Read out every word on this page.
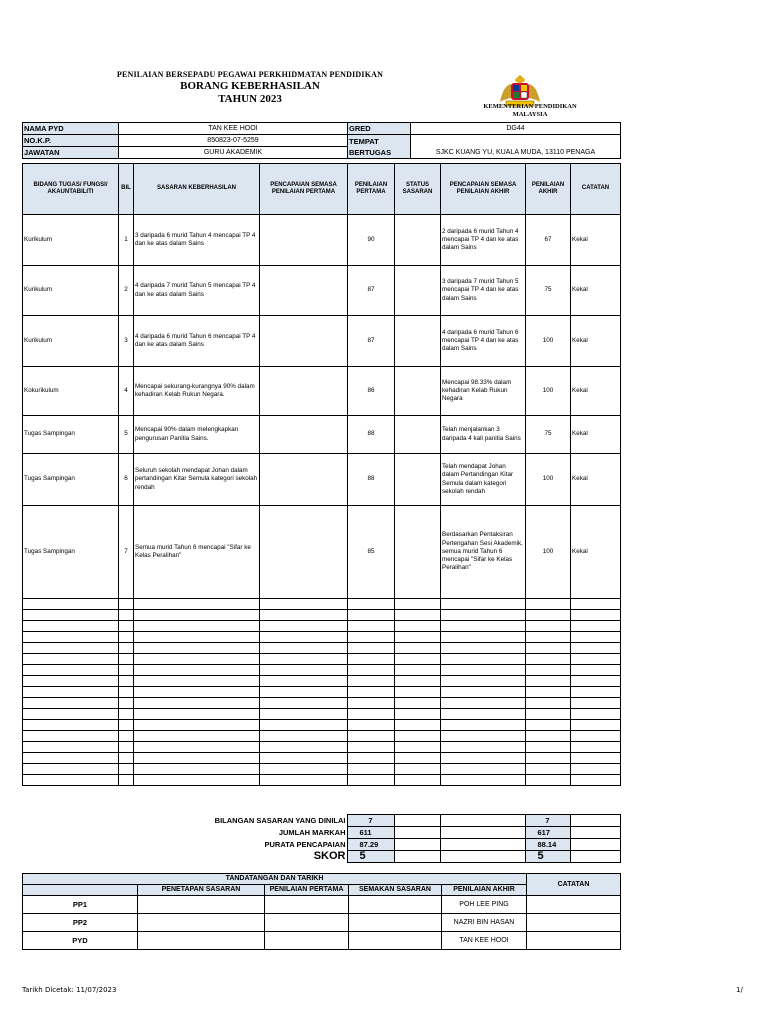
PENILAIAN BERSEPADU PEGAWAI PERKHIDMATAN PENDIDIKAN
BORANG KEBERHASILAN
TAHUN 2023
KEMENTERIAN PENDIDIKAN
MALAYSIA
NAMA PYD	TAN KEE HOOI	GRED	DG44
NO.K.P.	850823-07-5259	TEMPAT BERTUGAS	SJKC KUANG YU, KUALA MUDA, 13110 PENAGA
JAWATAN	GURU AKADEMIK		
BIDANG TUGAS/ FUNGSI/ AKAUNTABILITI	BIL	SASARAN KEBERHASILAN	PENCAPAIAN SEMASA PENILAIAN PERTAMA	PENILAIAN PERTAMA	STATUS SASARAN	PENCAPAIAN SEMASA PENILAIAN AKHIR	PENILAIAN AKHIR	CATATAN
Kurikulum	1	3 daripada 6 murid Tahun 4 mencapai TP 4 dan ke atas dalam Sains		90		2 daripada 6 murid Tahun 4 mencapai TP 4 dan ke atas dalam Sains	67	Kekal
Kurikulum	2	4 daripada 7 murid Tahun 5 mencapai TP 4 dan ke atas dalam Sains		87		3 daripada 7 murid Tahun 5 mencapai TP 4 dan ke atas dalam Sains	75	Kekal
Kurikulum	3	4 daripada 6 murid Tahun 6 mencapai TP 4 dan ke atas dalam Sains		87		4 daripada 6 murid Tahun 6 mencapai TP 4 dan ke atas dalam Sains	100	Kekal
Kokurikulum	4	Mencapai sekurang-kurangnya 90% dalam kehadiran Kelab Rukun Negara.		86		Mencapai 98.33% dalam kehadiran Kelab Rukun Negara	100	Kekal
Tugas Sampingan	5	Mencapai 90% dalam melengkapkan pengurusan Panitia Sains.		88		Telah menjalankan 3 daripada 4 kali panitia Sains	75	Kekal
Tugas Sampingan	6	Seluruh sekolah mendapat Johan dalam pertandingan Kitar Semula kategori sekolah rendah		88		Telah mendapat Johan dalam Pertandingan Kitar Semula dalam kategori sekolah rendah	100	Kekal
Tugas Sampingan	7	Semua murid Tahun 6 mencapai "Sifar ke Kelas Peralihan"		85		Berdasarkan Pentaksiran Pertengahan Sesi Akademik, semua murid Tahun 6 mencapai "Sifar ke Kelas Peralihan"	100	Kekal

BILANGAN SASARAN YANG DINILAI	7			7	
JUMLAH MARKAH	611			617	
PURATA PENCAPAIAN	87.29			88.14	
SKOR	5			5	
TANDATANGAN DAN TARIKH					CATATAN
	PENETAPAN SASARAN	PENILAIAN PERTAMA	SEMAKAN SASARAN	PENILAIAN AKHIR	
PP1				POH LEE PING	
PP2				NAZRI BIN HASAN	
PYD				TAN KEE HOOI	
Tarikh Dicetak: 11/07/2023	1/
